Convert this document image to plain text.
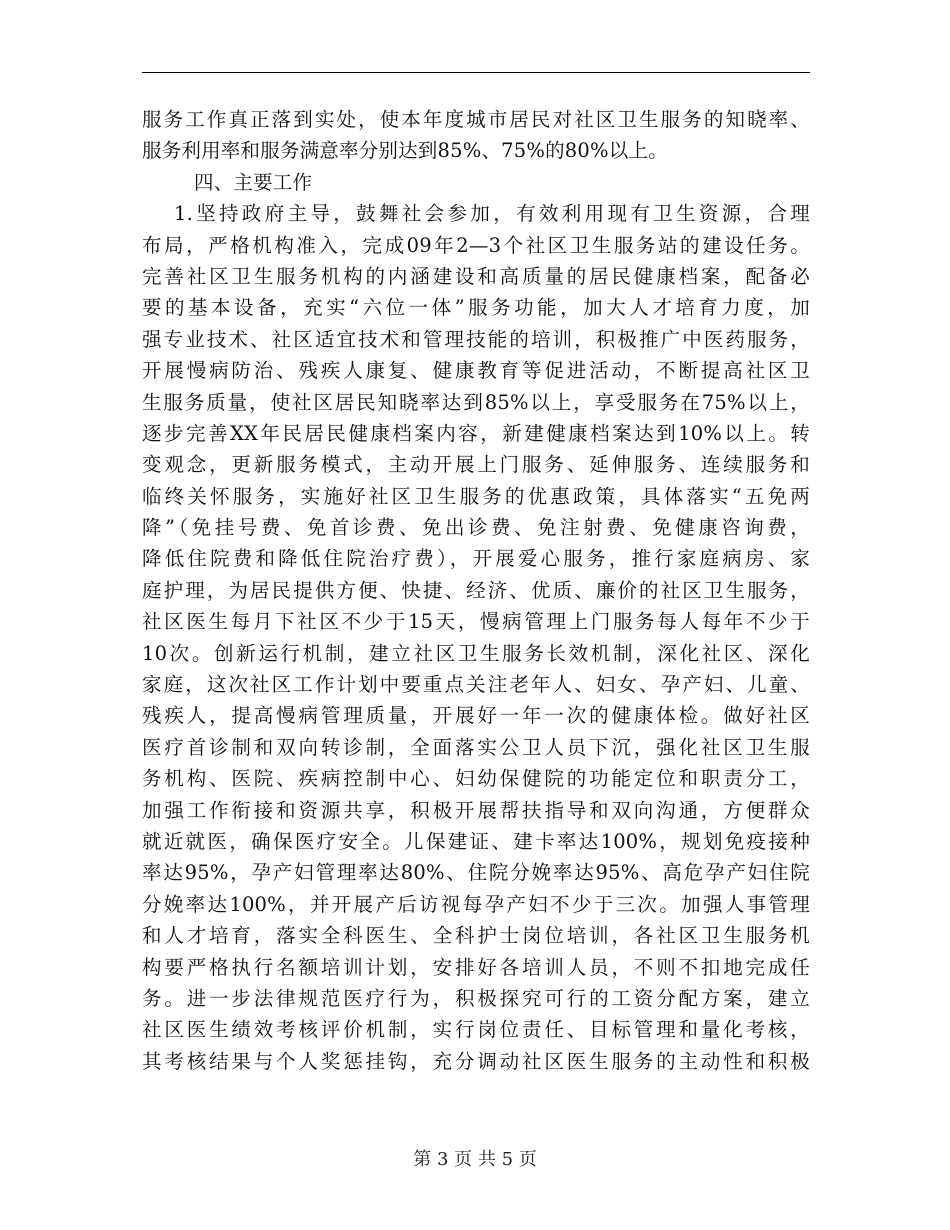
服务工作真正落到实处，使本年度城市居民对社区卫生服务的知晓率、
服务利用率和服务满意率分别达到85%、75%的80%以上。
四、主要工作
1.坚持政府主导，鼓舞社会参加，有效利用现有卫生资源，合理
布局，严格机构准入，完成09年2—3个社区卫生服务站的建设任务。
完善社区卫生服务机构的内涵建设和高质量的居民健康档案，配备必
要的基本设备，充实“六位一体”服务功能，加大人才培育力度，加
强专业技术、社区适宜技术和管理技能的培训，积极推广中医药服务，
开展慢病防治、残疾人康复、健康教育等促进活动，不断提高社区卫
生服务质量，使社区居民知晓率达到85%以上，享受服务在75%以上，
逐步完善XX年民居民健康档案内容，新建健康档案达到10%以上。转
变观念，更新服务模式，主动开展上门服务、延伸服务、连续服务和
临终关怀服务，实施好社区卫生服务的优惠政策，具体落实“五免两
降”（免挂号费、免首诊费、免出诊费、免注射费、免健康咨询费，
降低住院费和降低住院治疗费），开展爱心服务，推行家庭病房、家
庭护理，为居民提供方便、快捷、经济、优质、廉价的社区卫生服务，
社区医生每月下社区不少于15天，慢病管理上门服务每人每年不少于
10次。创新运行机制，建立社区卫生服务长效机制，深化社区、深化
家庭，这次社区工作计划中要重点关注老年人、妇女、孕产妇、儿童、
残疾人，提高慢病管理质量，开展好一年一次的健康体检。做好社区
医疗首诊制和双向转诊制，全面落实公卫人员下沉，强化社区卫生服
务机构、医院、疾病控制中心、妇幼保健院的功能定位和职责分工，
加强工作衔接和资源共享，积极开展帮扶指导和双向沟通，方便群众
就近就医，确保医疗安全。儿保建证、建卡率达100%，规划免疫接种
率达95%，孕产妇管理率达80%、住院分娩率达95%、高危孕产妇住院
分娩率达100%，并开展产后访视每孕产妇不少于三次。加强人事管理
和人才培育，落实全科医生、全科护士岗位培训，各社区卫生服务机
构要严格执行名额培训计划，安排好各培训人员，不则不扣地完成任
务。进一步法律规范医疗行为，积极探究可行的工资分配方案，建立
社区医生绩效考核评价机制，实行岗位责任、目标管理和量化考核，
其考核结果与个人奖惩挂钩，充分调动社区医生服务的主动性和积极
第 3 页 共 5 页
